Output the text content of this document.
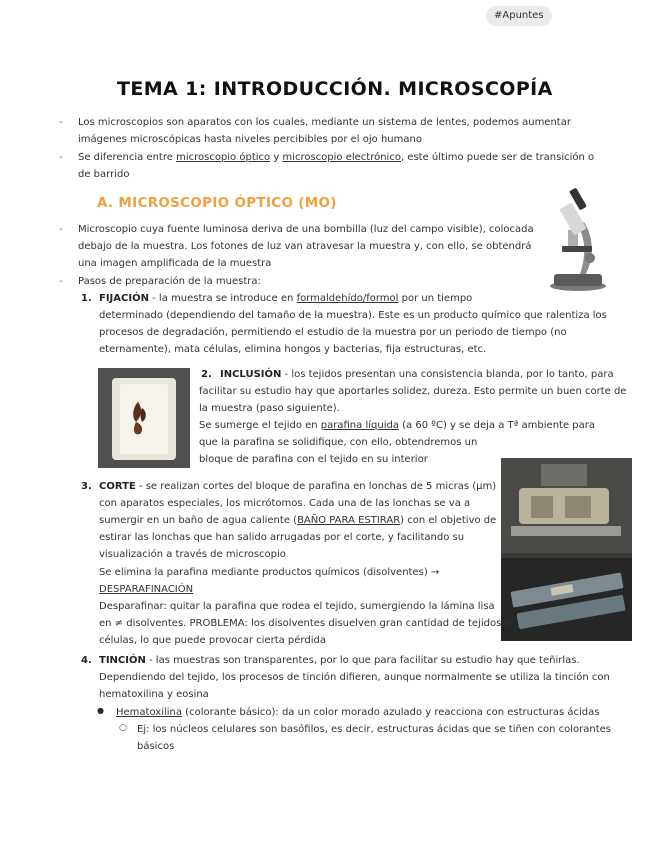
#Apuntes
TEMA 1: INTRODUCCIÓN. MICROSCOPÍA
- Los microscopios son aparatos con los cuales, mediante un sistema de lentes, podemos aumentar
imágenes microscópicas hasta niveles percibibles por el ojo humano
- Se diferencia entre microscopio óptico y microscopio electrónico, este último puede ser de transición o
de barrido
A. MICROSCOPIO ÓPTICO (MO)
- Microscopio cuya fuente luminosa deriva de una bombilla (luz del campo visible), colocada
debajo de la muestra. Los fotones de luz van atravesar la muestra y, con ello, se obtendrá
una imagen amplificada de la muestra
- Pasos de preparación de la muestra:
1. FIJACIÓN - la muestra se introduce en formaldehído/formol por un tiempo
determinado (dependiendo del tamaño de la muestra). Este es un producto químico que ralentiza los
procesos de degradación, permitiendo el estudio de la muestra por un periodo de tiempo (no
eternamente), mata células, elimina hongos y bacterias, fija estructuras, etc.
2. INCLUSIÓN - los tejidos presentan una consistencia blanda, por lo tanto, para
facilitar su estudio hay que aportarles solidez, dureza. Esto permite un buen corte de
la muestra (paso siguiente).
Se sumerge el tejido en parafina líquida (a 60 ºC) y se deja a Tª ambiente para
que la parafina se solidifique, con ello, obtendremos un
bloque de parafina con el tejido en su interior
3. CORTE - se realizan cortes del bloque de parafina en lonchas de 5 micras (µm)
con aparatos especiales, los micrótomos. Cada una de las lonchas se va a
sumergir en un baño de agua caliente (BAÑO PARA ESTIRAR) con el objetivo de
estirar las lonchas que han salido arrugadas por el corte, y facilitando su
visualización a través de microscopio
Se elimina la parafina mediante productos químicos (disolventes) →
DESPARAFINACIÓN
Desparafinar: quitar la parafina que rodea el tejido, sumergiendo la lámina lisa
en ≠ disolventes. PROBLEMA: los disolventes disuelven gran cantidad de tejidos o
células, lo que puede provocar cierta pérdida
4. TINCIÓN - las muestras son transparentes, por lo que para facilitar su estudio hay que teñirlas.
Dependiendo del tejido, los procesos de tinción difieren, aunque normalmente se utiliza la tinción con
hematoxilina y eosina
● Hematoxilina (colorante básico): da un color morado azulado y reacciona con estructuras ácidas
○ Ej: los núcleos celulares son basófilos, es decir, estructuras ácidas que se tiñen con colorantes
básicos
